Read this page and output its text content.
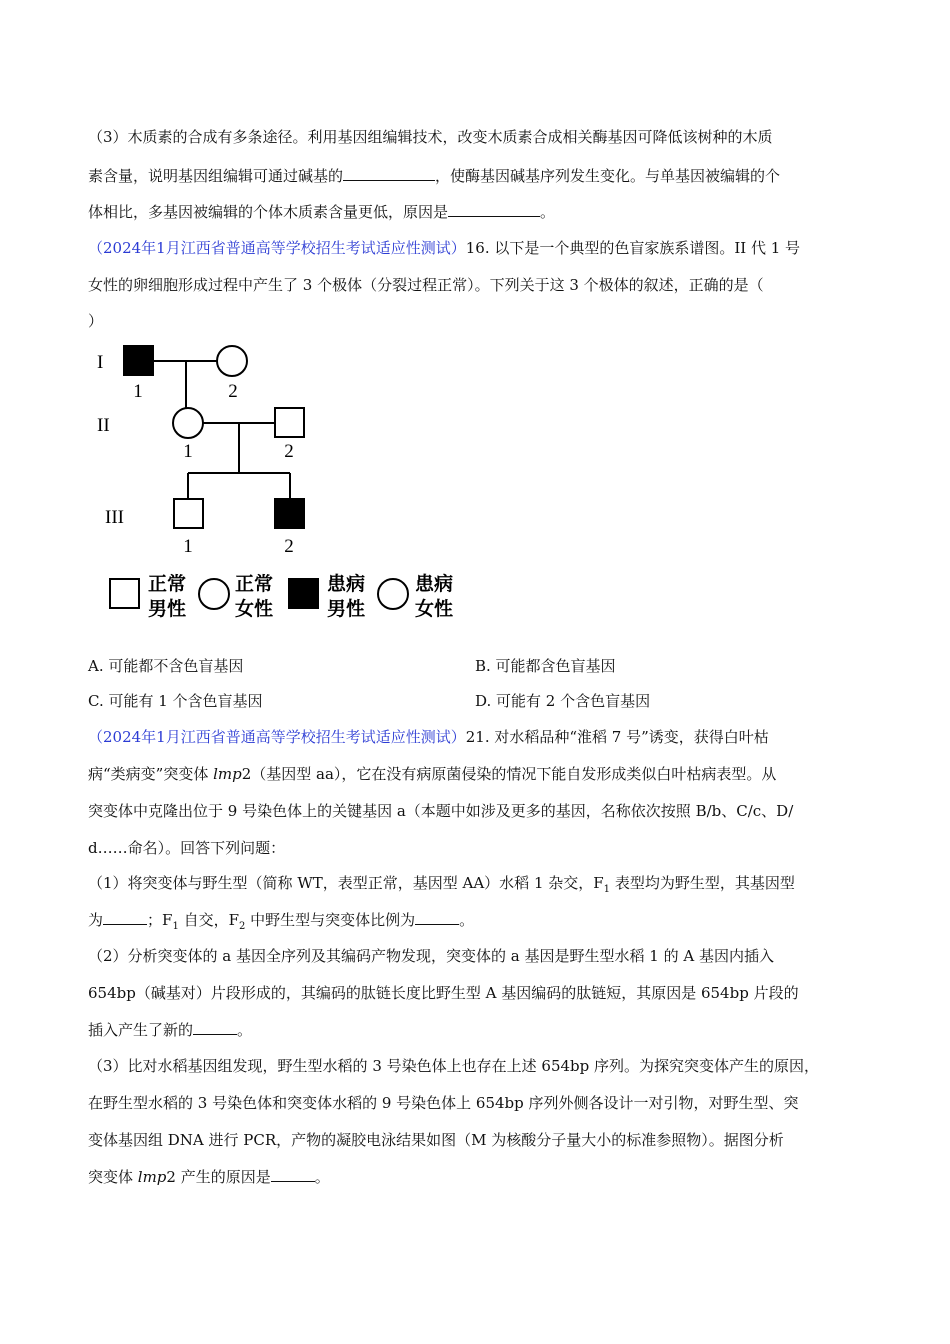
（3）木质素的合成有多条途径。利用基因组编辑技术，改变木质素合成相关酶基因可降低该树种的木质
素含量，说明基因组编辑可通过碱基的	，使酶基因碱基序列发生变化。与单基因被编辑的个
体相比，多基因被编辑的个体木质素含量更低，原因是	。
（2024年1月江西省普通高等学校招生考试适应性测试）16. 以下是一个典型的色盲家族系谱图。II 代 1 号
女性的卵细胞形成过程中产生了 3 个极体（分裂过程正常）。下列关于这 3 个极体的叙述，正确的是（
）
I
II
III
1	2
1	2
1	2
正常
男性
正常
女性
患病
男性
患病
女性
A. 可能都不含色盲基因	B. 可能都含色盲基因
C. 可能有 1 个含色盲基因	D. 可能有 2 个含色盲基因
（2024年1月江西省普通高等学校招生考试适应性测试）21. 对水稻品种“淮稻 7 号”诱变，获得白叶枯
病“类病变”突变体 lmp2（基因型 aa），它在没有病原菌侵染的情况下能自发形成类似白叶枯病表型。从
突变体中克隆出位于 9 号染色体上的关键基因 a（本题中如涉及更多的基因，名称依次按照 B/b、C/c、D/
d……命名）。回答下列问题：
（1）将突变体与野生型（简称 WT，表型正常，基因型 AA）水稻 1 杂交，$F_1$ 表型均为野生型，其基因型
为	；$F_1$ 自交，$F_2$ 中野生型与突变体比例为	。
（2）分析突变体的 a 基因全序列及其编码产物发现，突变体的 a 基因是野生型水稻 1 的 A 基因内插入
654bp（碱基对）片段形成的，其编码的肽链长度比野生型 A 基因编码的肽链短，其原因是 654bp 片段的
插入产生了新的	。
（3）比对水稻基因组发现，野生型水稻的 3 号染色体上也存在上述 654bp 序列。为探究突变体产生的原因，
在野生型水稻的 3 号染色体和突变体水稻的 9 号染色体上 654bp 序列外侧各设计一对引物，对野生型、突
变体基因组 DNA 进行 PCR，产物的凝胶电泳结果如图（M 为核酸分子量大小的标准参照物）。据图分析
突变体 lmp2 产生的原因是	。
